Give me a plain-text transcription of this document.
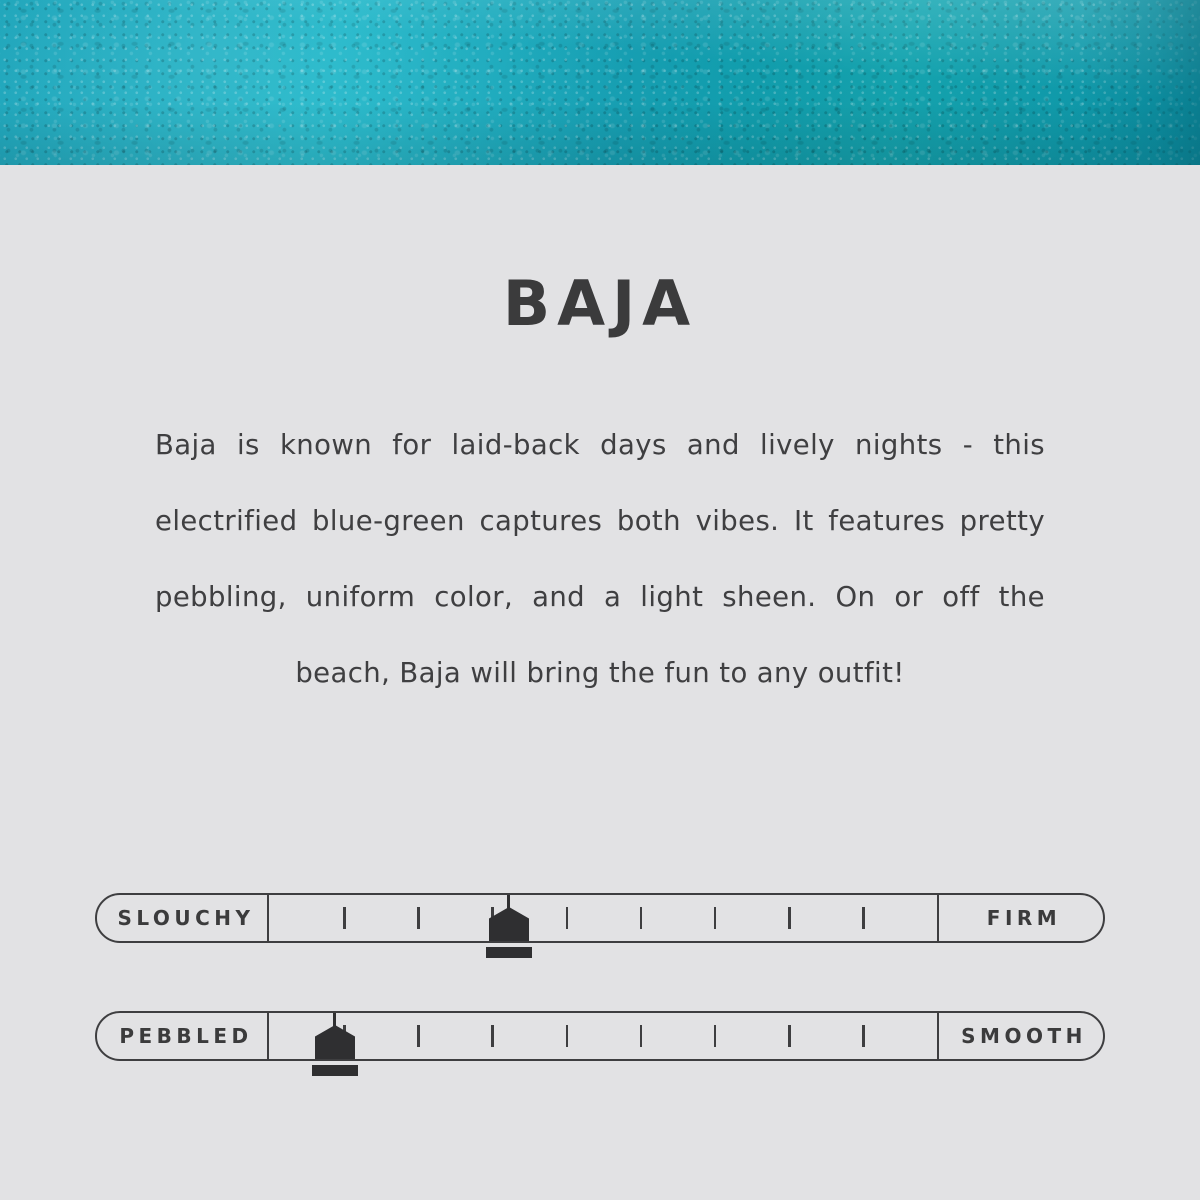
BAJA
Baja is known for laid-back days and lively nights - this electrified blue-green captures both vibes. It features pretty pebbling, uniform color, and a light sheen. On or off the beach, Baja will bring the fun to any outfit!
SLOUCHY	FIRM
PEBBLED	SMOOTH
